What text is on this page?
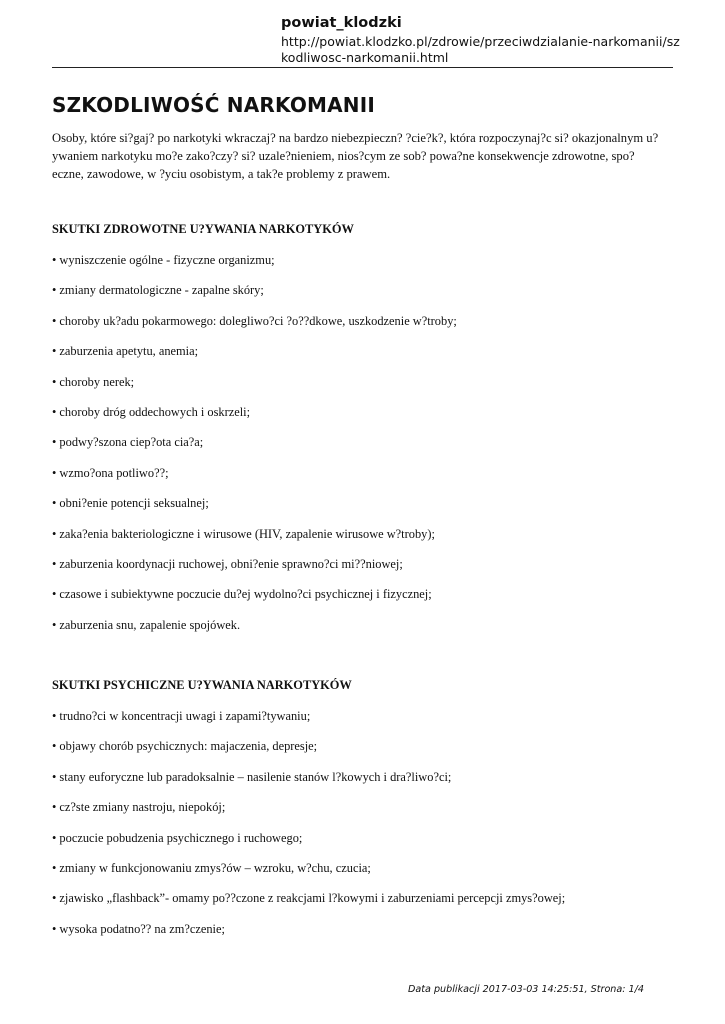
powiat_klodzki

http://powiat.klodzko.pl/zdrowie/przeciwdzialanie-narkomanii/szkodliwosc-narkomanii.html

SZKODLIWOŚĆ NARKOMANII

Osoby, które si?gaj? po narkotyki wkraczaj? na bardzo niebezpieczn? ?cie?k?, która rozpoczynaj?c si? okazjonalnym u?ywaniem narkotyku mo?e zako?czy? si? uzale?nieniem, nios?cym ze sob? powa?ne konsekwencje zdrowotne, spo?eczne, zawodowe, w ?yciu osobistym, a tak?e problemy z prawem.

SKUTKI ZDROWOTNE U?YWANIA NARKOTYKÓW
• wyniszczenie ogólne - fizyczne organizmu;
• zmiany dermatologiczne - zapalne skóry;
• choroby uk?adu pokarmowego: dolegliwo?ci ?o??dkowe, uszkodzenie w?troby;
• zaburzenia apetytu, anemia;
• choroby nerek;
• choroby dróg oddechowych i oskrzeli;
• podwy?szona ciep?ota cia?a;
• wzmo?ona potliwo??;
• obni?enie potencji seksualnej;
• zaka?enia bakteriologiczne i wirusowe (HIV, zapalenie wirusowe w?troby);
• zaburzenia koordynacji ruchowej, obni?enie sprawno?ci mi??niowej;
• czasowe i subiektywne poczucie du?ej wydolno?ci psychicznej i fizycznej;
• zaburzenia snu, zapalenie spojówek.
SKUTKI PSYCHICZNE U?YWANIA NARKOTYKÓW
• trudno?ci w koncentracji uwagi i zapami?tywaniu;
• objawy chorób psychicznych: majaczenia, depresje;
• stany euforyczne lub paradoksalnie – nasilenie stanów l?kowych i dra?liwo?ci;
• cz?ste zmiany nastroju, niepokój;
• poczucie pobudzenia psychicznego i ruchowego;
• zmiany w funkcjonowaniu zmys?ów – wzroku, w?chu, czucia;
• zjawisko „flashback”- omamy po??czone z reakcjami l?kowymi i zaburzeniami percepcji zmys?owej;
• wysoka podatno?? na zm?czenie;
Data publikacji 2017-03-03 14:25:51, Strona: 1/4
